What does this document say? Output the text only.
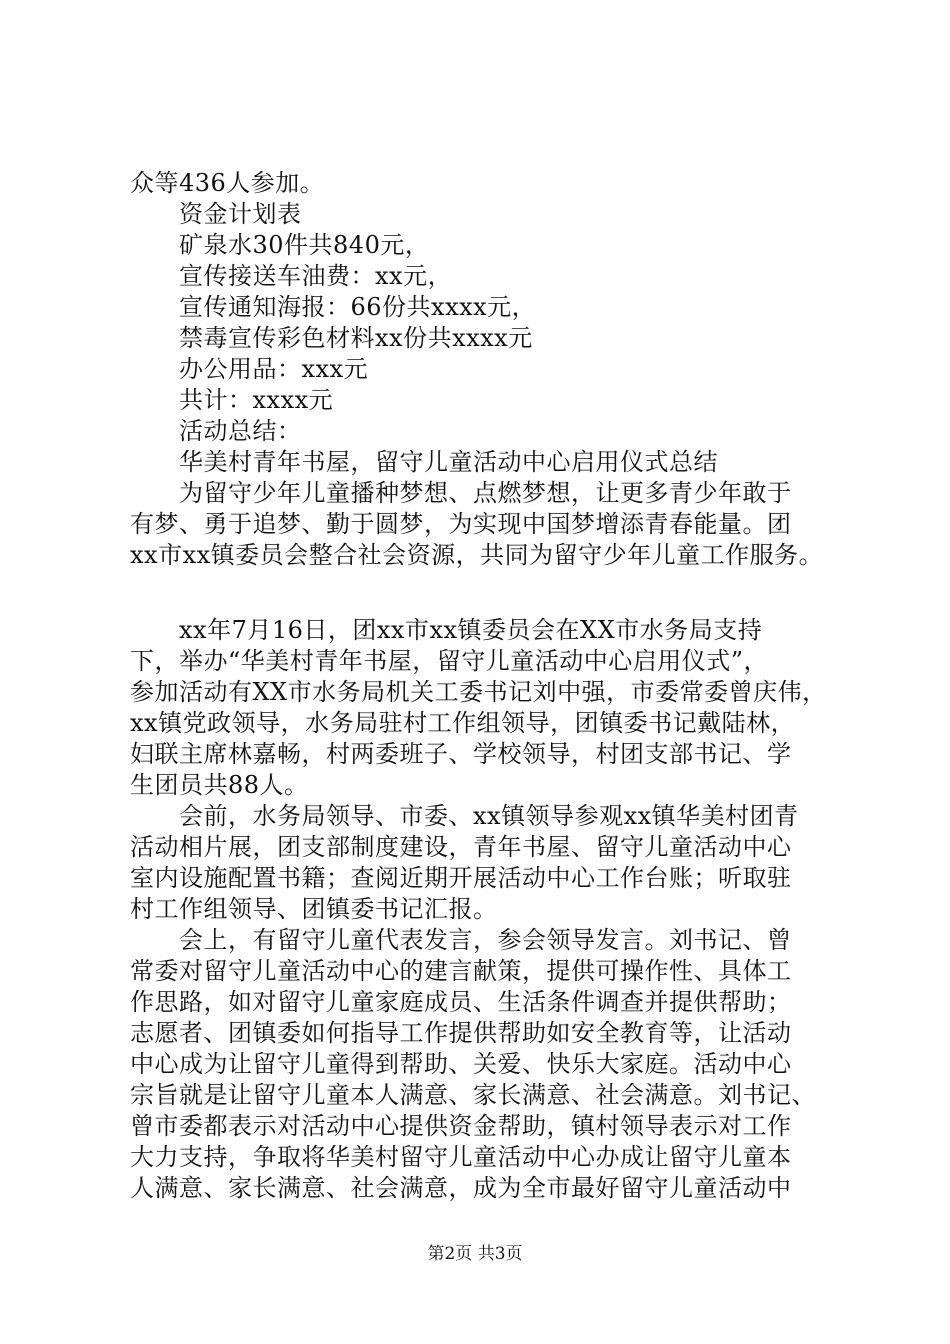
众等436人参加。
资金计划表
矿泉水30件共840元，
宣传接送车油费：xx元，
宣传通知海报：66份共xxxx元，
禁毒宣传彩色材料xx份共xxxx元
办公用品：xxx元
共计：xxxx元
活动总结：
华美村青年书屋，留守儿童活动中心启用仪式总结
为留守少年儿童播种梦想、点燃梦想，让更多青少年敢于
有梦、勇于追梦、勤于圆梦，为实现中国梦增添青春能量。团
xx市xx镇委员会整合社会资源，共同为留守少年儿童工作服务。
xx年7月16日，团xx市xx镇委员会在XX市水务局支持
下，举办“华美村青年书屋，留守儿童活动中心启用仪式”，
参加活动有XX市水务局机关工委书记刘中强，市委常委曾庆伟，
xx镇党政领导，水务局驻村工作组领导，团镇委书记戴陆林，
妇联主席林嘉畅，村两委班子、学校领导，村团支部书记、学
生团员共88人。
会前，水务局领导、市委、xx镇领导参观xx镇华美村团青
活动相片展，团支部制度建设，青年书屋、留守儿童活动中心
室内设施配置书籍；查阅近期开展活动中心工作台账；听取驻
村工作组领导、团镇委书记汇报。
会上，有留守儿童代表发言，参会领导发言。刘书记、曾
常委对留守儿童活动中心的建言献策，提供可操作性、具体工
作思路，如对留守儿童家庭成员、生活条件调查并提供帮助；
志愿者、团镇委如何指导工作提供帮助如安全教育等，让活动
中心成为让留守儿童得到帮助、关爱、快乐大家庭。活动中心
宗旨就是让留守儿童本人满意、家长满意、社会满意。刘书记、
曾市委都表示对活动中心提供资金帮助，镇村领导表示对工作
大力支持，争取将华美村留守儿童活动中心办成让留守儿童本
人满意、家长满意、社会满意，成为全市最好留守儿童活动中
第2页 共3页
